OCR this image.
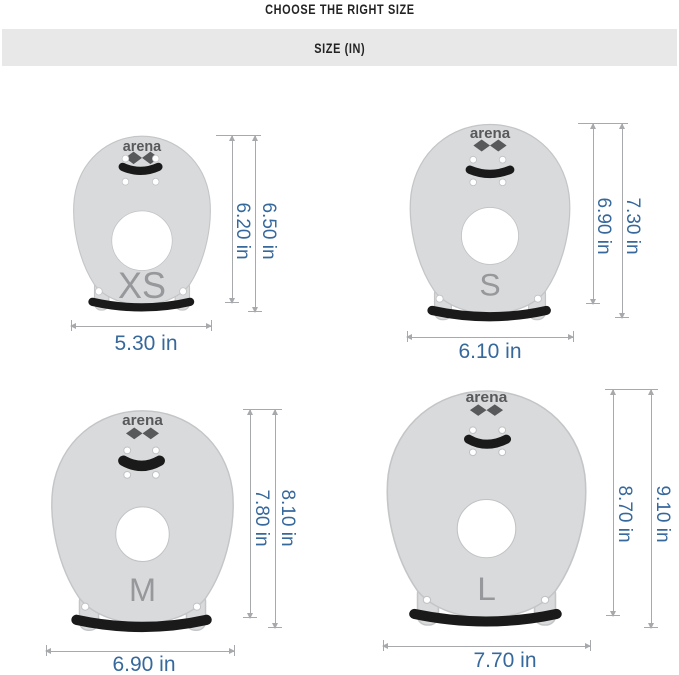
CHOOSE THE RIGHT SIZE
SIZE (IN)
arena
XS
6.20 in 6.50 in
5.30 in
arena
S
6.90 in 7.30 in
6.10 in
arena
M
7.80 in 8.10 in
6.90 in
arena
L
8.70 in 9.10 in
7.70 in
